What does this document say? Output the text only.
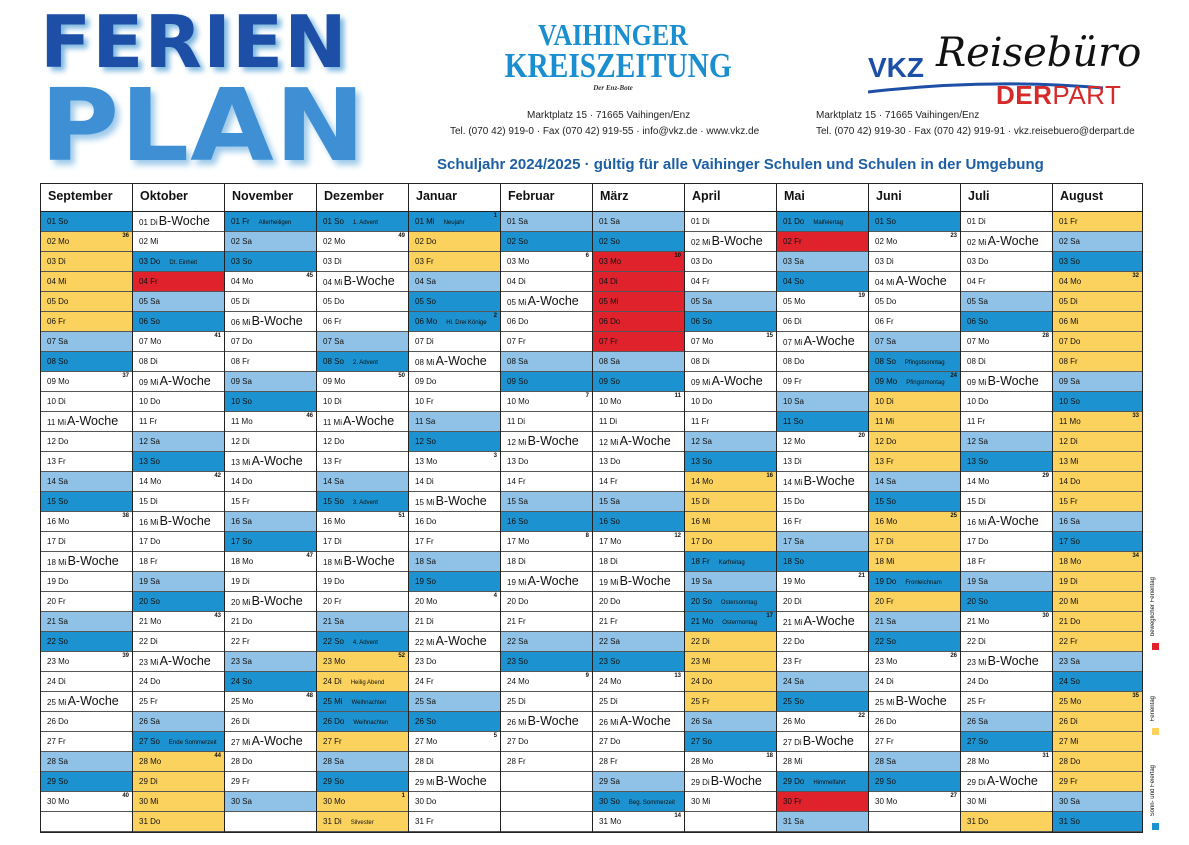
FERIEN
PLAN
VAIHINGER
KREISZEITUNG
Der Enz-Bote
Marktplatz 15 · 71665 Vaihingen/Enz
Tel. (070 42) 919-0 · Fax (070 42) 919-55 · info@vkz.de · www.vkz.de
VKZ Reisebüro
DERPART
Marktplatz 15 · 71665 Vaihingen/Enz
Tel. (070 42) 919-30 · Fax (070 42) 919-91 · vkz.reisebuero@derpart.de
Schuljahr 2024/2025 · gültig für alle Vaihinger Schulen und Schulen in der Umgebung
September
01 So
02 Mo
36
03 Di
04 Mi
05 Do
06 Fr
07 Sa
08 So
09 Mo
37
10 Di
11 MiA-Woche
12 Do
13 Fr
14 Sa
15 So
16 Mo
38
17 Di
18 MiB-Woche
19 Do
20 Fr
21 Sa
22 So
23 Mo
39
24 Di
25 MiA-Woche
26 Do
27 Fr
28 Sa
29 So
30 Mo
40
Oktober
01 DiB-Woche
02 Mi
03 Do Dt. Einheit
04 Fr
05 Sa
06 So
07 Mo
41
08 Di
09 MiA-Woche
10 Do
11 Fr
12 Sa
13 So
14 Mo
42
15 Di
16 MiB-Woche
17 Do
18 Fr
19 Sa
20 So
21 Mo
43
22 Di
23 MiA-Woche
24 Do
25 Fr
26 Sa
27 So Ende Sommerzeit
28 Mo
44
29 Di
30 Mi
31 Do
November
01 Fr Allerheiligen
02 Sa
03 So
04 Mo
45
05 Di
06 MiB-Woche
07 Do
08 Fr
09 Sa
10 So
11 Mo
46
12 Di
13 MiA-Woche
14 Do
15 Fr
16 Sa
17 So
18 Mo
47
19 Di
20 MiB-Woche
21 Do
22 Fr
23 Sa
24 So
25 Mo
48
26 Di
27 MiA-Woche
28 Do
29 Fr
30 Sa
Dezember
01 So 1. Advent
02 Mo
49
03 Di
04 MiB-Woche
05 Do
06 Fr
07 Sa
08 So 2. Advent
09 Mo
50
10 Di
11 MiA-Woche
12 Do
13 Fr
14 Sa
15 So 3. Advent
16 Mo
51
17 Di
18 MiB-Woche
19 Do
20 Fr
21 Sa
22 So 4. Advent
23 Mo
52
24 Di Heilig Abend
25 Mi Weihnachten
26 Do Weihnachten
27 Fr
28 Sa
29 So
30 Mo
1
31 Di Silvester
Januar
01 Mi Neujahr
1
02 Do
03 Fr
04 Sa
05 So
06 Mo Hl. Drei Könige
2
07 Di
08 MiA-Woche
09 Do
10 Fr
11 Sa
12 So
13 Mo
3
14 Di
15 MiB-Woche
16 Do
17 Fr
18 Sa
19 So
20 Mo
4
21 Di
22 MiA-Woche
23 Do
24 Fr
25 Sa
26 So
27 Mo
5
28 Di
29 MiB-Woche
30 Do
31 Fr
Februar
01 Sa
02 So
03 Mo
6
04 Di
05 MiA-Woche
06 Do
07 Fr
08 Sa
09 So
10 Mo
7
11 Di
12 MiB-Woche
13 Do
14 Fr
15 Sa
16 So
17 Mo
8
18 Di
19 MiA-Woche
20 Do
21 Fr
22 Sa
23 So
24 Mo
9
25 Di
26 MiB-Woche
27 Do
28 Fr
März
01 Sa
02 So
03 Mo
10
04 Di
05 Mi
06 Do
07 Fr
08 Sa
09 So
10 Mo
11
11 Di
12 MiA-Woche
13 Do
14 Fr
15 Sa
16 So
17 Mo
12
18 Di
19 MiB-Woche
20 Do
21 Fr
22 Sa
23 So
24 Mo
13
25 Di
26 MiA-Woche
27 Do
28 Fr
29 Sa
30 So Beg. Sommerzeit
31 Mo
14
April
01 Di
02 MiB-Woche
03 Do
04 Fr
05 Sa
06 So
07 Mo
15
08 Di
09 MiA-Woche
10 Do
11 Fr
12 Sa
13 So
14 Mo
16
15 Di
16 Mi
17 Do
18 Fr Karfreitag
19 Sa
20 So Ostersonntag
21 Mo Ostermontag
17
22 Di
23 Mi
24 Do
25 Fr
26 Sa
27 So
28 Mo
18
29 DiB-Woche
30 Mi
Mai
01 Do Maifeiertag
02 Fr
03 Sa
04 So
05 Mo
19
06 Di
07 MiA-Woche
08 Do
09 Fr
10 Sa
11 So
12 Mo
20
13 Di
14 MiB-Woche
15 Do
16 Fr
17 Sa
18 So
19 Mo
21
20 Di
21 MiA-Woche
22 Do
23 Fr
24 Sa
25 So
26 Mo
22
27 DiB-Woche
28 Mi
29 Do Himmelfahrt
30 Fr
31 Sa
Juni
01 So
02 Mo
23
03 Di
04 MiA-Woche
05 Do
06 Fr
07 Sa
08 So Pfingstsonntag
09 Mo Pfingstmontag
24
10 Di
11 Mi
12 Do
13 Fr
14 Sa
15 So
16 Mo
25
17 Di
18 Mi
19 Do Fronleichnam
20 Fr
21 Sa
22 So
23 Mo
26
24 Di
25 MiB-Woche
26 Do
27 Fr
28 Sa
29 So
30 Mo
27
Juli
01 Di
02 MiA-Woche
03 Do
04 Fr
05 Sa
06 So
07 Mo
28
08 Di
09 MiB-Woche
10 Do
11 Fr
12 Sa
13 So
14 Mo
29
15 Di
16 MiA-Woche
17 Do
18 Fr
19 Sa
20 So
21 Mo
30
22 Di
23 MiB-Woche
24 Do
25 Fr
26 Sa
27 So
28 Mo
31
29 DiA-Woche
30 Mi
31 Do
August
01 Fr
02 Sa
03 So
04 Mo
32
05 Di
06 Mi
07 Do
08 Fr
09 Sa
10 So
11 Mo
33
12 Di
13 Mi
14 Do
15 Fr
16 Sa
17 So
18 Mo
34
19 Di
20 Mi
21 Do
22 Fr
23 Sa
24 So
25 Mo
35
26 Di
27 Mi
28 Do
29 Fr
30 Sa
31 So
Sonn- und Feiertag
Ferientag
beweglicher Ferientag
